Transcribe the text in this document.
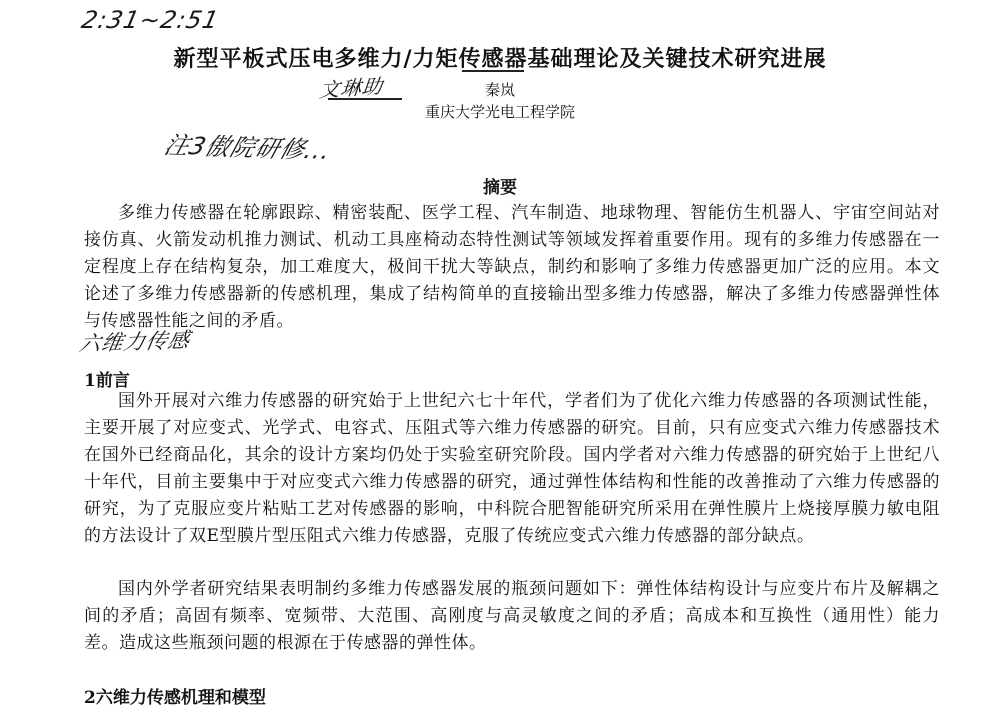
2:31~2:51
新型平板式压电多维力/力矩传感器基础理论及关键技术研究进展
文琳助	秦岚
重庆大学光电工程学院
注3傲院研修...
摘要

多维力传感器在轮廓跟踪、精密装配、医学工程、汽车制造、地球物理、智能仿生机器人、宇宙空间站对接仿真、火箭发动机推力测试、机动工具座椅动态特性测试等领域发挥着重要作用。现有的多维力传感器在一定程度上存在结构复杂，加工难度大，极间干扰大等缺点，制约和影响了多维力传感器更加广泛的应用。本文论述了多维力传感器新的传感机理，集成了结构简单的直接输出型多维力传感器，解决了多维力传感器弹性体与传感器性能之间的矛盾。

六维力传感
1前言

国外开展对六维力传感器的研究始于上世纪六七十年代，学者们为了优化六维力传感器的各项测试性能，主要开展了对应变式、光学式、电容式、压阻式等六维力传感器的研究。目前，只有应变式六维力传感器技术在国外已经商品化，其余的设计方案均仍处于实验室研究阶段。国内学者对六维力传感器的研究始于上世纪八十年代，目前主要集中于对应变式六维力传感器的研究，通过弹性体结构和性能的改善推动了六维力传感器的研究，为了克服应变片粘贴工艺对传感器的影响，中科院合肥智能研究所采用在弹性膜片上烧接厚膜力敏电阻的方法设计了双E型膜片型压阻式六维力传感器，克服了传统应变式六维力传感器的部分缺点。

国内外学者研究结果表明制约多维力传感器发展的瓶颈问题如下：弹性体结构设计与应变片布片及解耦之间的矛盾；高固有频率、宽频带、大范围、高刚度与高灵敏度之间的矛盾；高成本和互换性（通用性）能力差。造成这些瓶颈问题的根源在于传感器的弹性体。

2六维力传感机理和模型
